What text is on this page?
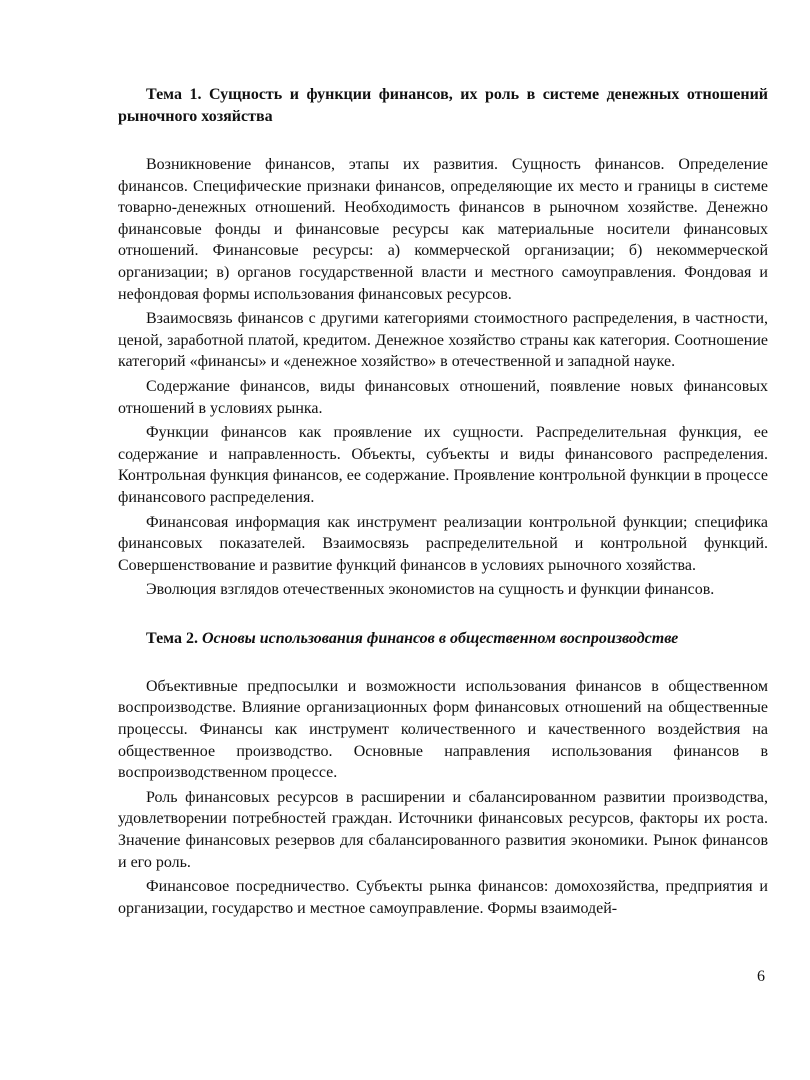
Тема 1. Сущность и функции финансов, их роль в системе денежных отношений рыночного хозяйства

Возникновение финансов, этапы их развития. Сущность финансов. Определение финансов. Специфические признаки финансов, определяющие их место и границы в системе товарно-денежных отношений. Необходимость финансов в рыночном хозяйстве. Денежно финансовые фонды и финансовые ресурсы как материальные носители финансовых отношений. Финансовые ресурсы: а) коммерческой организации; б) некоммерческой организации; в) органов государственной власти и местного самоуправления. Фондовая и нефондовая формы использования финансовых ресурсов.

Взаимосвязь финансов с другими категориями стоимостного распределения, в частности, ценой, заработной платой, кредитом. Денежное хозяйство страны как категория. Соотношение категорий «финансы» и «денежное хозяйство» в отечественной и западной науке.

Содержание финансов, виды финансовых отношений, появление новых финансовых отношений в условиях рынка.

Функции финансов как проявление их сущности. Распределительная функция, ее содержание и направленность. Объекты, субъекты и виды финансового распределения. Контрольная функция финансов, ее содержание. Проявление контрольной функции в процессе финансового распределения.

Финансовая информация как инструмент реализации контрольной функции; специфика финансовых показателей. Взаимосвязь распределительной и контрольной функций. Совершенствование и развитие функций финансов в условиях рыночного хозяйства.

Эволюция взглядов отечественных экономистов на сущность и функции финансов.

Тема 2. Основы использования финансов в общественном воспроизводстве

Объективные предпосылки и возможности использования финансов в общественном воспроизводстве. Влияние организационных форм финансовых отношений на общественные процессы. Финансы как инструмент количественного и качественного воздействия на общественное производство. Основные направления использования финансов в воспроизводственном процессе.

Роль финансовых ресурсов в расширении и сбалансированном развитии производства, удовлетворении потребностей граждан. Источники финансовых ресурсов, факторы их роста. Значение финансовых резервов для сбалансированного развития экономики. Рынок финансов и его роль.

Финансовое посредничество. Субъекты рынка финансов: домохозяйства, предприятия и организации, государство и местное самоуправление. Формы взаимодей-

6
